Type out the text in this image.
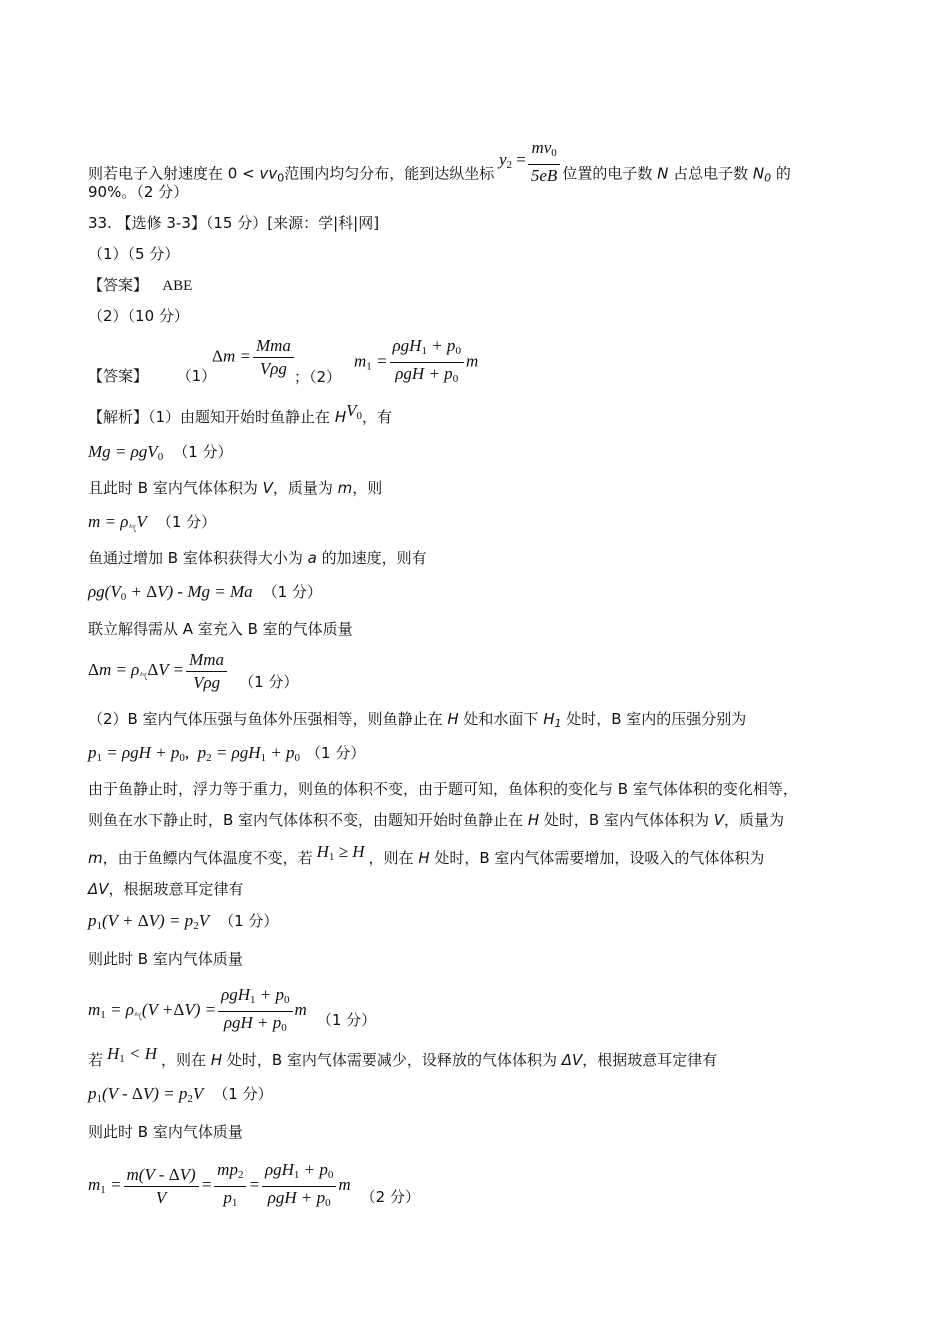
则若电子入射速度在 $0 < vv_0$范围内均匀分布，能到达纵坐标 $y_2 = \frac{mv_0}{5eB}$ 位置的电子数 N 占总电子数 $N_0$ 的
90%。（2 分）
33. 【选修 3-3】（15 分）[来源：学|科|网]
（1）（5 分）
【答案】 ABE
（2）（10 分）
【答案】 （1）
$\Delta m = \frac{\text{Mma}}{\text{Vρg}}$ ；（2）
$m_1 = \frac{\rho gH_1 + p_0}{\rho gH + p_0}$ m
【解析】（1）由题知开始时鱼静止在 $HV_0$，有
Mg = ρgV$_0$ （1 分）
且此时 B 室内气体体积为 V，质量为 m，则
$m = \rho_气V$ （1 分）
鱼通过增加 B 室体积获得大小为 a 的加速度，则有
$\rho g(V_0 + \Delta V) - Mg = Ma$ （1 分）
联立解得需从 A 室充入 B 室的气体质量
$\Delta m = \rho_气\Delta V = \frac{\text{Mma}}{\text{Vρg}} (1$ 分）
（2）B 室内气体压强与鱼体外压强相等，则鱼静止在 H 处和水面下 $H_1$ 处时，B 室内的压强分别为
$p_1 = \rho gH + p_0$,  $p_2 = \rho gH_1 + p_0$ （1 分）
由于鱼静止时，浮力等于重力，则鱼的体积不变，由于题可知，鱼体积的变化与 B 室气体体积的变化相等，
则鱼在水下静止时，B 室内气体体积不变，由题知开始时鱼静止在 H 处时，B 室内气体体积为 V，质量为
m，由于鱼鳔内气体温度不变，若 $H_1 \ge H$ ，则在 H 处时，B 室内气体需要增加，设吸入的气体体积为
ΔV，根据玻意耳定律有
$p_1(V + \Delta V) = p_2V$ （1 分）
则此时 B 室内气体质量
$m_1 = \rho_气(V +\Delta V) = \frac{\rho gH_1 + p_0}{\rho gH + p_0} m(1$ 分）
若 $H_1 < H$ ，则在 H 处时，B 室内气体需要减少，设释放的气体体积为 ΔV，根据玻意耳定律有
$p_1(V - \Delta V) = p_2V$ （1 分）
则此时 B 室内气体质量
$m_1 = \frac{m(V - \Delta V)}{V} = \frac{mp_2}{p_1} = \frac{\rho gH_1 + p_0}{\rho gH + p_0} m(2$ 分）
